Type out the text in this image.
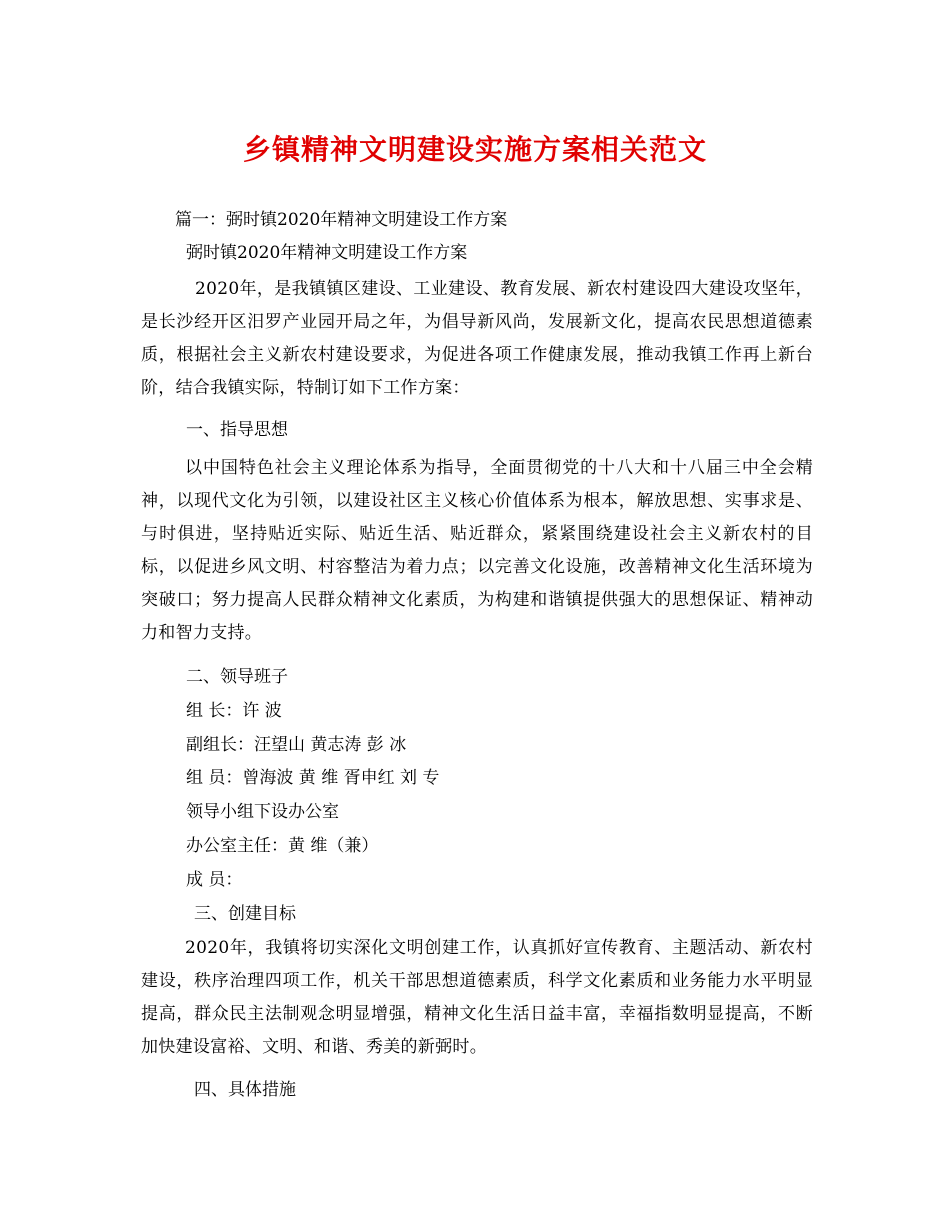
乡镇精神文明建设实施方案相关范文
篇一：弼时镇2020年精神文明建设工作方案
弼时镇2020年精神文明建设工作方案
2020年，是我镇镇区建设、工业建设、教育发展、新农村建设四大建设攻坚年，是长沙经开区汨罗产业园开局之年，为倡导新风尚，发展新文化，提高农民思想道德素质，根据社会主义新农村建设要求，为促进各项工作健康发展，推动我镇工作再上新台阶，结合我镇实际，特制订如下工作方案：
一、指导思想
以中国特色社会主义理论体系为指导，全面贯彻党的十八大和十八届三中全会精神，以现代文化为引领，以建设社区主义核心价值体系为根本，解放思想、实事求是、与时俱进，坚持贴近实际、贴近生活、贴近群众，紧紧围绕建设社会主义新农村的目标，以促进乡风文明、村容整洁为着力点；以完善文化设施，改善精神文化生活环境为突破口；努力提高人民群众精神文化素质，为构建和谐镇提供强大的思想保证、精神动力和智力支持。
二、领导班子
组 长：许 波
副组长：汪望山 黄志涛 彭 冰
组 员：曾海波 黄 维 胥申红 刘 专
领导小组下设办公室
办公室主任：黄 维（兼）
成 员：
三、创建目标
2020年，我镇将切实深化文明创建工作，认真抓好宣传教育、主题活动、新农村建设，秩序治理四项工作，机关干部思想道德素质，科学文化素质和业务能力水平明显提高，群众民主法制观念明显增强，精神文化生活日益丰富，幸福指数明显提高，不断加快建设富裕、文明、和谐、秀美的新弼时。
四、具体措施
